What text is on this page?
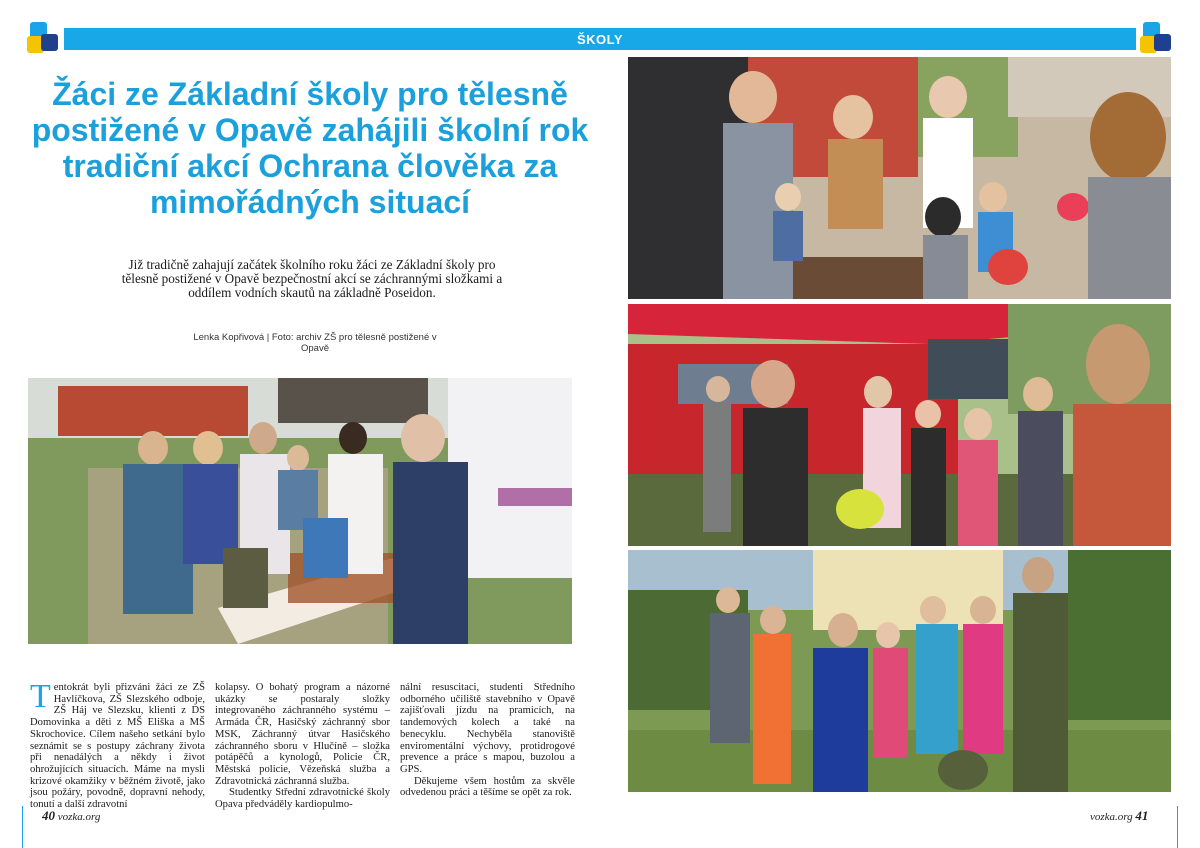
ŠKOLY
Žáci ze Základní školy pro tělesně postižené v Opavě zahájili školní rok tradiční akcí Ochrana člověka za mimořádných situací

Již tradičně zahajují začátek školního roku žáci ze Základní školy pro tělesně postižené v Opavě bezpečnostní akcí se záchrannými složkami a oddílem vodních skautů na základně Poseidon.

Lenka Kopřivová | Foto: archiv ZŠ pro tělesně postižené v Opavě

Tentokrát byli přizváni žáci ze ZŠ Havlíčkova, ZŠ Slezského odboje, ZŠ Háj ve Slezsku, klienti z DS Domovinka a děti z MŠ Eliška a MŠ Skrochovice. Cílem našeho setkání bylo seznámit se s postupy záchrany života při nenadálých a někdy i život ohrožujících situacích. Máme na mysli krizové okamžiky v běžném životě, jako jsou požáry, povodně, dopravní nehody, tonutí a další zdravotní

kolapsy. O bohatý program a názorné ukázky se postaraly složky integrovaného záchranného systému – Armáda ČR, Hasičský záchranný sbor MSK, Záchranný útvar Hasičského záchranného sboru v Hlučíně – složka potápěčů a kynologů, Policie ČR, Městská policie, Vězeňská služba a Zdravotnická záchranná služba.

Studentky Střední zdravotnické školy Opava předváděly kardiopulmo-

nální resuscitaci, studenti Středního odborného učiliště stavebního v Opavě zajišťovali jízdu na pramicích, na tandemových kolech a také na benecyklu. Nechyběla stanoviště enviromentální výchovy, protidrogové prevence a práce s mapou, buzolou a GPS.

Děkujeme všem hostům za skvěle odvedenou práci a těšíme se opět za rok.

40 vozka.org	vozka.org 41
